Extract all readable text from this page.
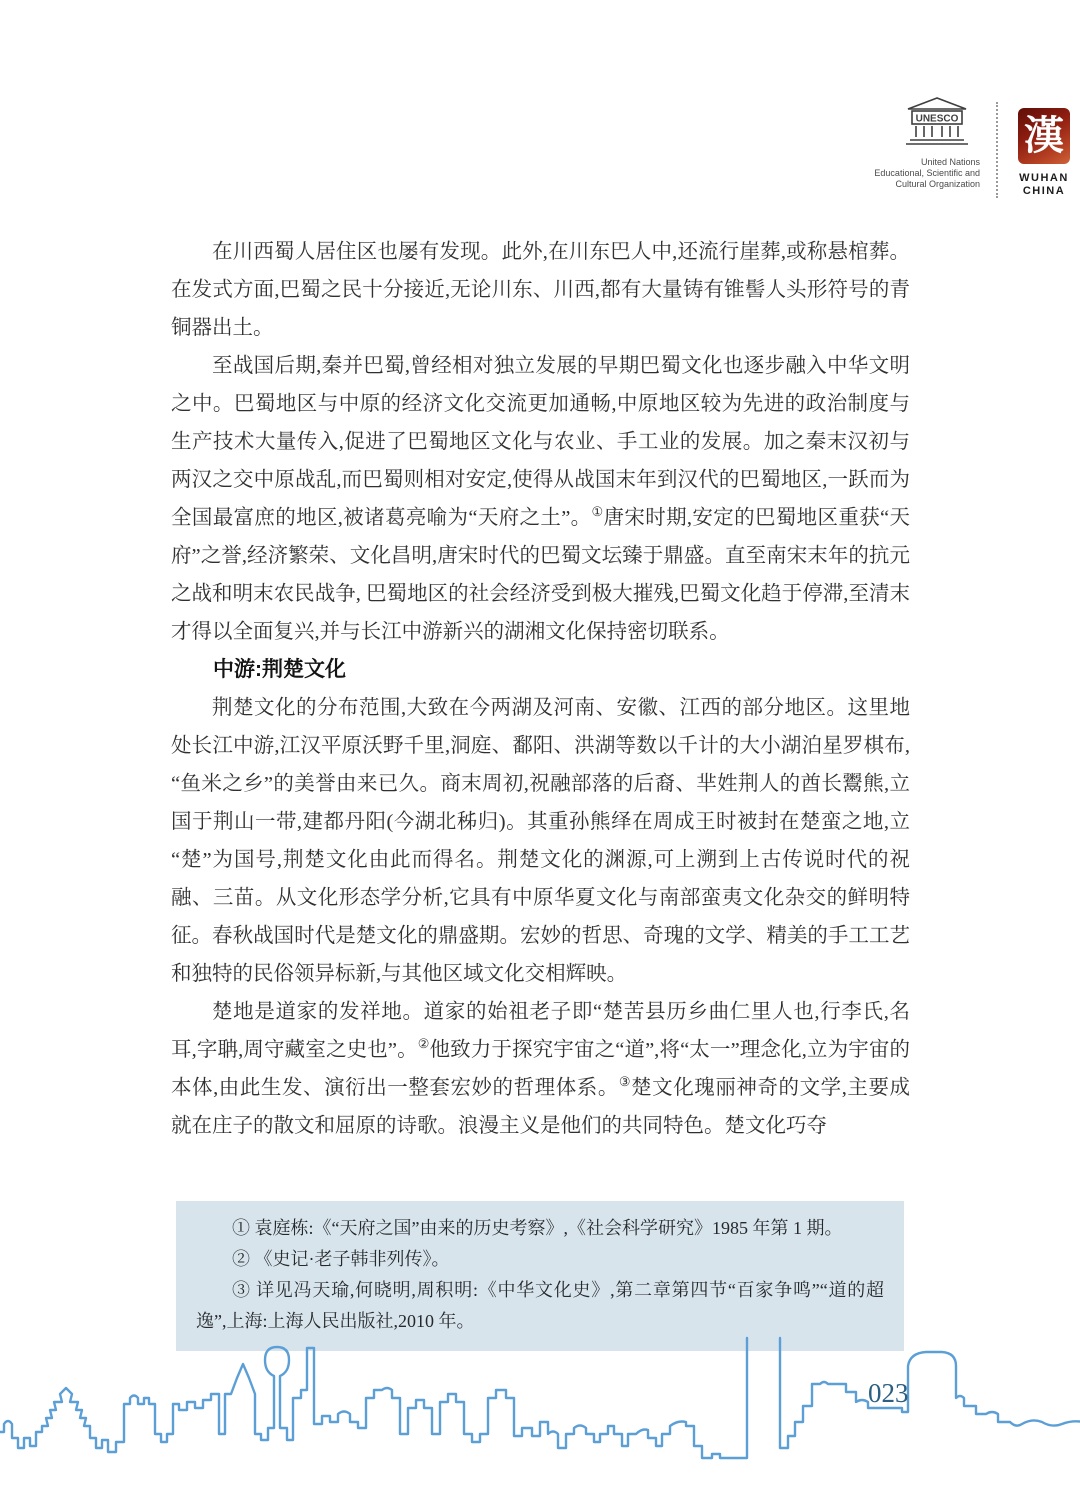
UNESCO
United Nations
Educational, Scientific and
Cultural Organization
漢
WUHAN
CHINA

在川西蜀人居住区也屡有发现。此外,在川东巴人中,还流行崖葬,或称悬棺葬。在发式方面,巴蜀之民十分接近,无论川东、川西,都有大量铸有锥髻人头形符号的青铜器出土。

至战国后期,秦并巴蜀,曾经相对独立发展的早期巴蜀文化也逐步融入中华文明之中。巴蜀地区与中原的经济文化交流更加通畅,中原地区较为先进的政治制度与生产技术大量传入,促进了巴蜀地区文化与农业、手工业的发展。加之秦末汉初与两汉之交中原战乱,而巴蜀则相对安定,使得从战国末年到汉代的巴蜀地区,一跃而为全国最富庶的地区,被诸葛亮喻为“天府之土”。①唐宋时期,安定的巴蜀地区重获“天府”之誉,经济繁荣、文化昌明,唐宋时代的巴蜀文坛臻于鼎盛。直至南宋末年的抗元之战和明末农民战争, 巴蜀地区的社会经济受到极大摧残,巴蜀文化趋于停滞,至清末才得以全面复兴,并与长江中游新兴的湖湘文化保持密切联系。

中游:荆楚文化

荆楚文化的分布范围,大致在今两湖及河南、安徽、江西的部分地区。这里地处长江中游,江汉平原沃野千里,洞庭、鄱阳、洪湖等数以千计的大小湖泊星罗棋布,“鱼米之乡”的美誉由来已久。商末周初,祝融部落的后裔、芈姓荆人的酋长鬻熊,立国于荆山一带,建都丹阳(今湖北秭归)。其重孙熊绎在周成王时被封在楚蛮之地,立“楚”为国号,荆楚文化由此而得名。荆楚文化的渊源,可上溯到上古传说时代的祝融、三苗。从文化形态学分析,它具有中原华夏文化与南部蛮夷文化杂交的鲜明特征。春秋战国时代是楚文化的鼎盛期。宏妙的哲思、奇瑰的文学、精美的手工工艺和独特的民俗领异标新,与其他区域文化交相辉映。

楚地是道家的发祥地。道家的始祖老子即“楚苦县历乡曲仁里人也,行李氏,名耳,字聃,周守藏室之史也”。②他致力于探究宇宙之“道”,将“太一”理念化,立为宇宙的本体,由此生发、演衍出一整套宏妙的哲理体系。③楚文化瑰丽神奇的文学,主要成就在庄子的散文和屈原的诗歌。浪漫主义是他们的共同特色。楚文化巧夺

① 袁庭栋:《“天府之国”由来的历史考察》,《社会科学研究》1985 年第 1 期。

② 《史记·老子韩非列传》。

③ 详见冯天瑜,何晓明,周积明:《中华文化史》,第二章第四节“百家争鸣”“道的超逸”,上海:上海人民出版社,2010 年。

023
